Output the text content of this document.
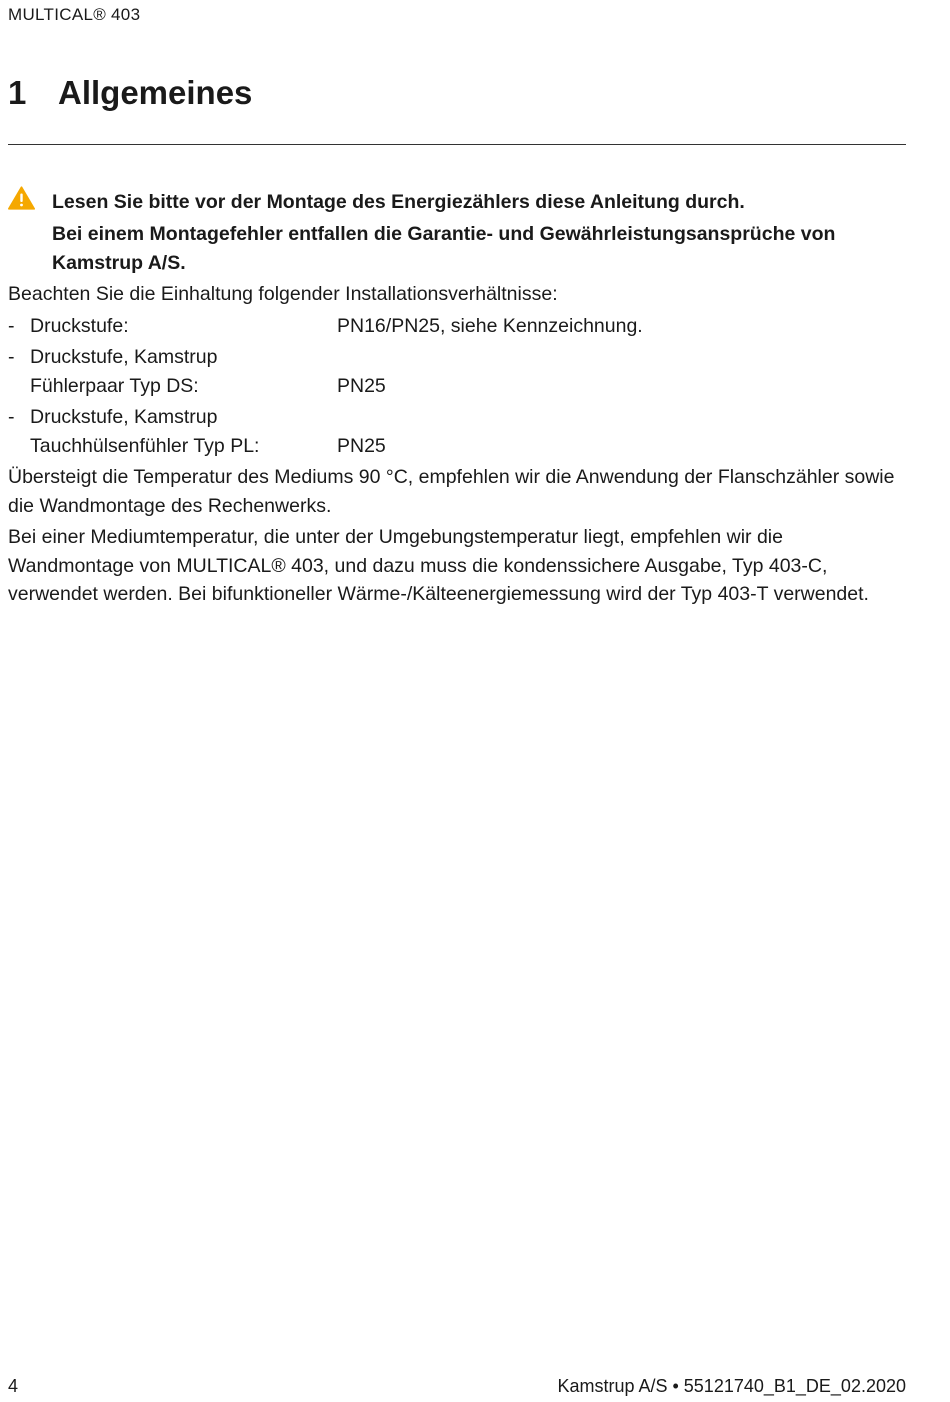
MULTICAL® 403
1 Allgemeines

Lesen Sie bitte vor der Montage des Energiezählers diese Anleitung durch.

Bei einem Montagefehler entfallen die Garantie- und Gewährleistungsansprüche von Kamstrup A/S.

Beachten Sie die Einhaltung folgender Installationsverhältnisse:

- Druckstufe:	PN16/PN25, siehe Kennzeichnung.
- Druckstufe, Kamstrup
Fühlerpaar Typ DS:	PN25
- Druckstufe, Kamstrup
Tauchhülsenfühler Typ PL:	PN25

Übersteigt die Temperatur des Mediums 90 °C, empfehlen wir die Anwendung der Flanschzähler sowie die Wandmontage des Rechenwerks.

Bei einer Mediumtemperatur, die unter der Umgebungstemperatur liegt, empfehlen wir die Wandmontage von MULTICAL® 403, und dazu muss die kondenssichere Ausgabe, Typ 403-C, verwendet werden. Bei bifunktioneller Wärme-/Kälteenergiemessung wird der Typ 403-T verwendet.

4	Kamstrup A/S • 55121740_B1_DE_02.2020
